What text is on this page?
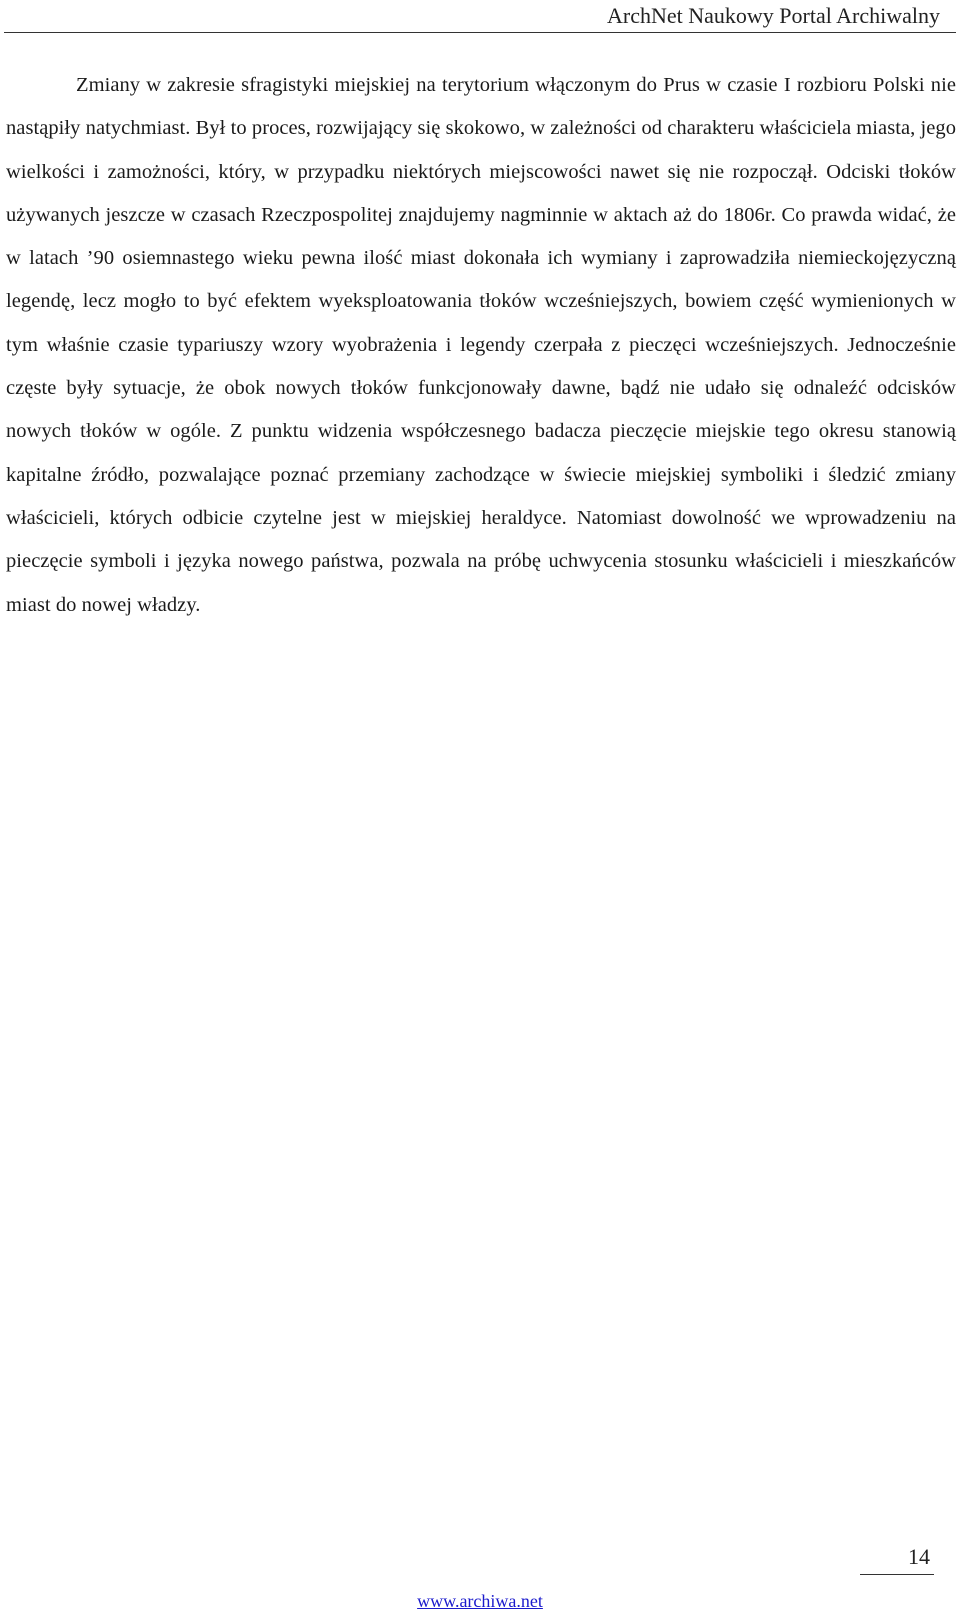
ArchNet Naukowy Portal Archiwalny

Zmiany w zakresie sfragistyki miejskiej na terytorium włączonym do Prus w czasie I rozbioru Polski nie nastąpiły natychmiast. Był to proces, rozwijający się skokowo, w zależności od charakteru właściciela miasta, jego wielkości i zamożności, który, w przypadku niektórych miejscowości nawet się nie rozpoczął. Odciski tłoków używanych jeszcze w czasach Rzeczpospolitej znajdujemy nagminnie w aktach aż do 1806r. Co prawda widać, że w latach ’90 osiemnastego wieku pewna ilość miast dokonała ich wymiany i zaprowadziła niemieckojęzyczną legendę, lecz mogło to być efektem wyeksploatowania tłoków wcześniejszych, bowiem część wymienionych w tym właśnie czasie typariuszy wzory wyobrażenia i legendy czerpała z pieczęci wcześniejszych. Jednocześnie częste były sytuacje, że obok nowych tłoków funkcjonowały dawne, bądź nie udało się odnaleźć odcisków nowych tłoków w ogóle. Z punktu widzenia współczesnego badacza pieczęcie miejskie tego okresu stanowią kapitalne źródło, pozwalające poznać przemiany zachodzące w świecie miejskiej symboliki i śledzić zmiany właścicieli, których odbicie czytelne jest w miejskiej heraldyce. Natomiast dowolność we wprowadzeniu na pieczęcie symboli i języka nowego państwa, pozwala na próbę uchwycenia stosunku właścicieli i mieszkańców miast do nowej władzy.

14
www.archiwa.net
